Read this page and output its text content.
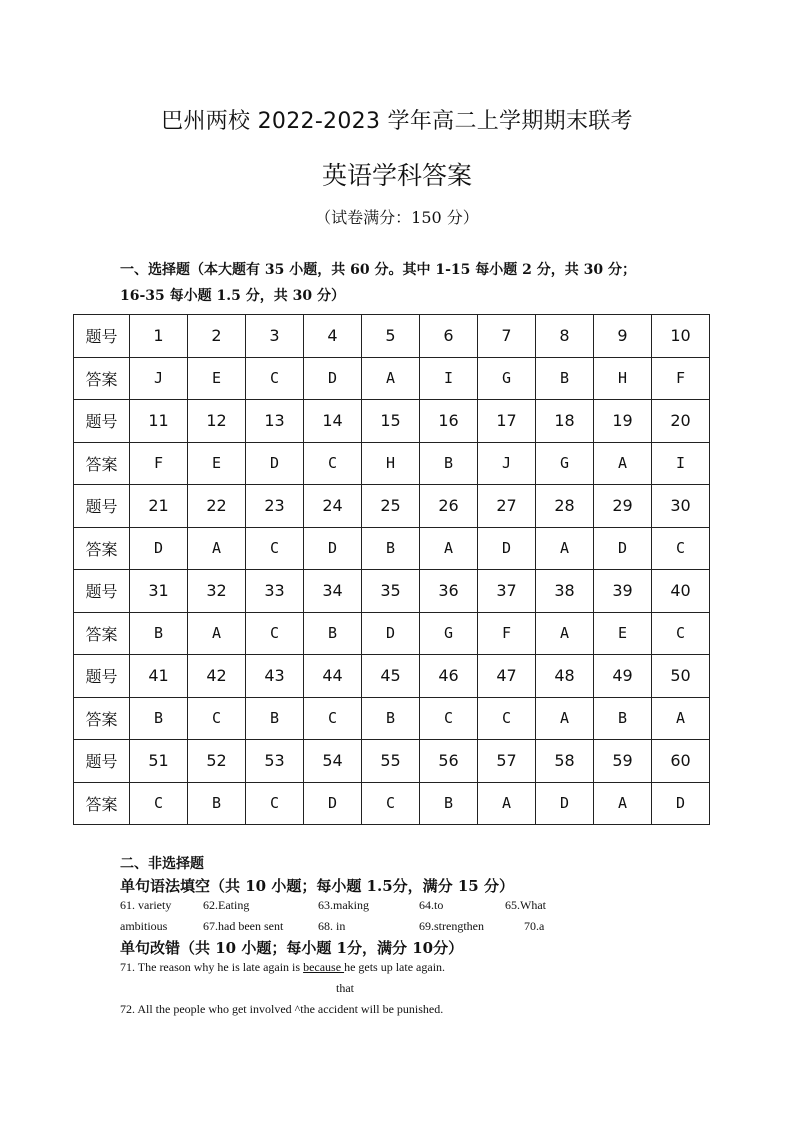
巴州两校 2022-2023 学年高二上学期期末联考
英语学科答案
（试卷满分：150 分）
一、选择题（本大题有 35 小题，共 60 分。其中 1-15 每小题 2 分，共 30 分；
16-35 每小题 1.5 分，共 30 分）
题号	1	2	3	4	5	6	7	8	9	10
答案	J	E	C	D	A	I	G	B	H	F
题号	11	12	13	14	15	16	17	18	19	20
答案	F	E	D	C	H	B	J	G	A	I
题号	21	22	23	24	25	26	27	28	29	30
答案	D	A	C	D	B	A	D	A	D	C
题号	31	32	33	34	35	36	37	38	39	40
答案	B	A	C	B	D	G	F	A	E	C
题号	41	42	43	44	45	46	47	48	49	50
答案	B	C	B	C	B	C	C	A	B	A
题号	51	52	53	54	55	56	57	58	59	60
答案	C	B	C	D	C	B	A	D	A	D
二、非选择题
单句语法填空（共 10 小题；每小题 1.5分，满分 15 分）
61. variety	62.Eating	63.making	64.to	65.What
ambitious	67.had been sent	68. in	69.strengthen	70.a
单句改错（共 10 小题；每小题 1分，满分 10分）
71. The reason why he is late again is because he gets up late again.
that
72. All the people who get involved ^the accident will be punished.
